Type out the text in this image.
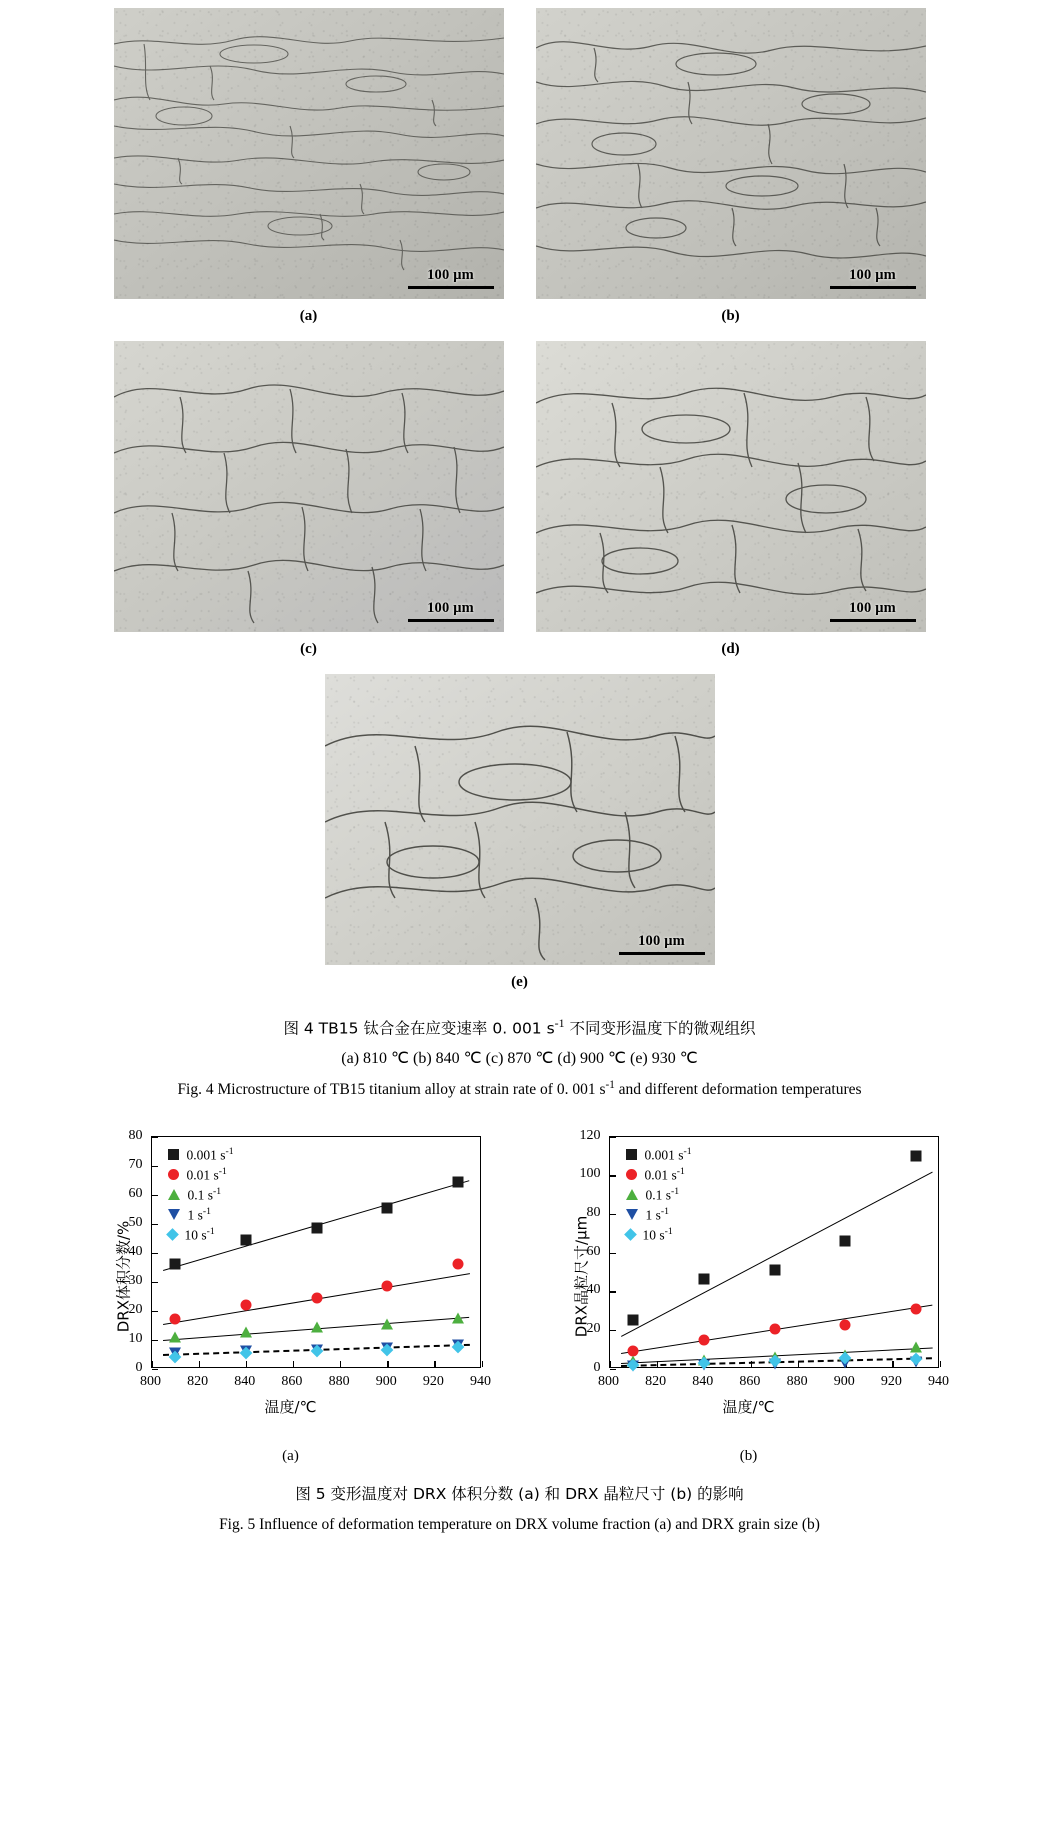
100 μm
(a)
100 μm
(b)
100 μm
(c)
100 μm
(d)
100 μm
(e)
图 4 TB15 钛合金在应变速率 0. 001 $s^{-1}$ 不同变形温度下的微观组织
(a) 810 ℃ (b) 840 ℃ (c) 870 ℃ (d) 900 ℃ (e) 930 ℃
Fig. 4 Microstructure of TB15 titanium alloy at strain rate of 0. 001 $s^{-1}$ and different deformation temperatures
0.001 $s^{-1}$
0.01 $s^{-1}$
0.1 $s^{-1}$
1 $s^{-1}$
10 $s^{-1}$
温度/℃
DRX体积分数/%
800 820 840 860 880 900 920 940
0
10
20
30
40
50
60
70
80
(a)
0.001 $s^{-1}$
0.01 $s^{-1}$
0.1 $s^{-1}$
1 $s^{-1}$
10 $s^{-1}$
温度/℃
DRX晶粒尺寸/μm
800 820 840 860 880 900 920 940
0
20
40
60
80
100
120
(b)
图 5 变形温度对 DRX 体积分数 (a) 和 DRX 晶粒尺寸 (b) 的影响
Fig. 5 Influence of deformation temperature on DRX volume fraction (a) and DRX grain size (b)
